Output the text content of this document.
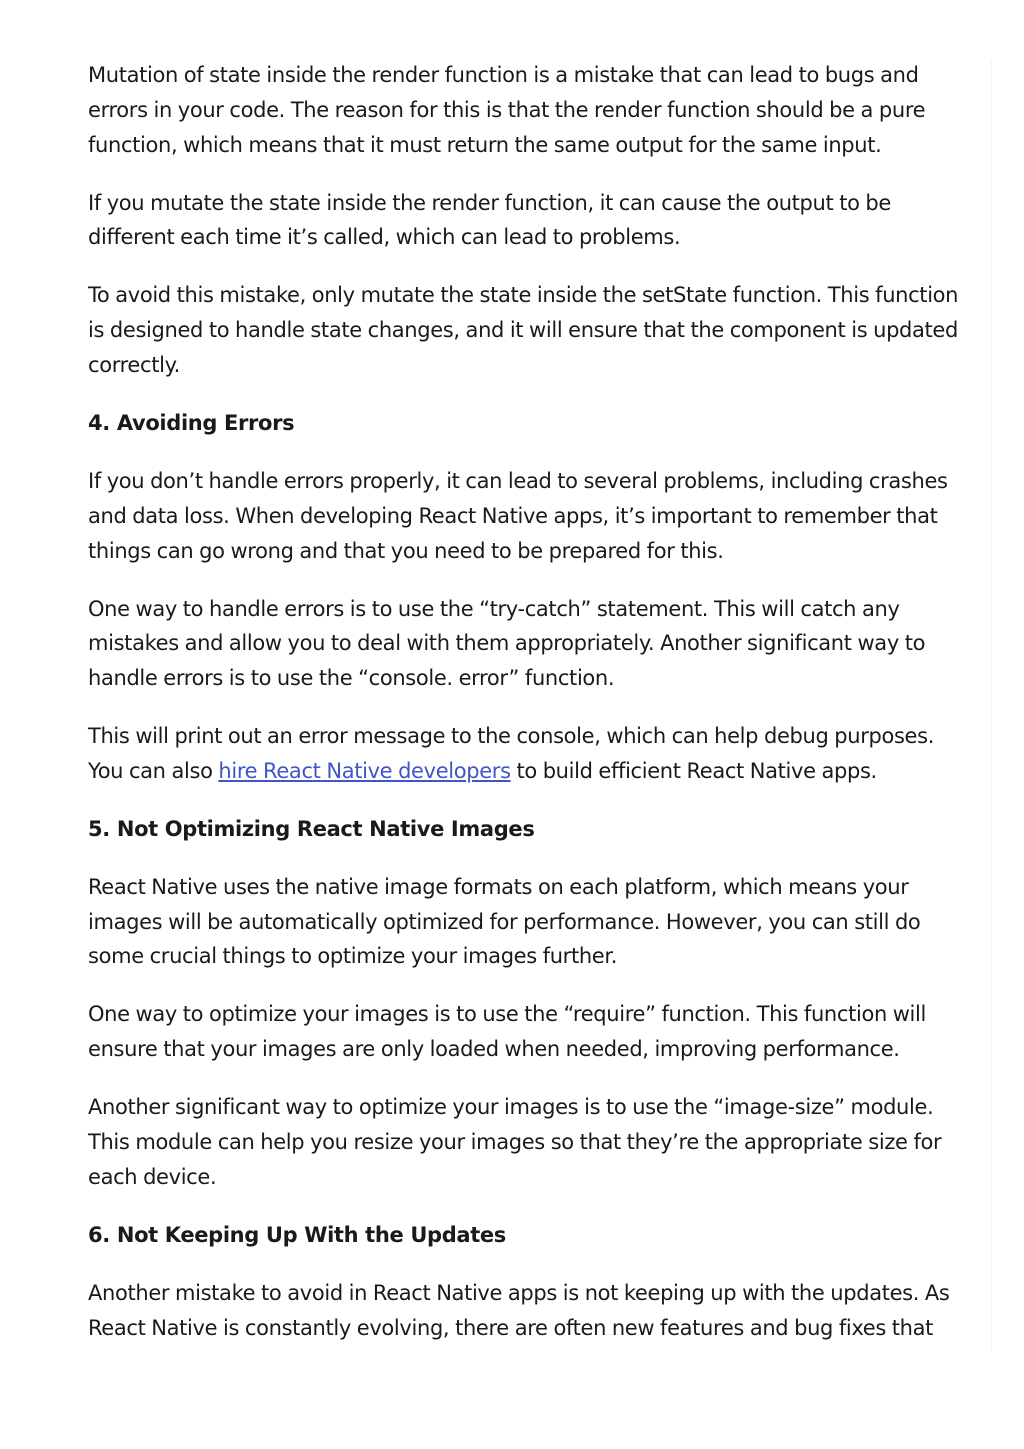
Mutation of state inside the render function is a mistake that can lead to bugs and errors in your code. The reason for this is that the render function should be a pure function, which means that it must return the same output for the same input.

If you mutate the state inside the render function, it can cause the output to be different each time it’s called, which can lead to problems.

To avoid this mistake, only mutate the state inside the setState function. This function is designed to handle state changes, and it will ensure that the component is updated correctly.

4. Avoiding Errors

If you don’t handle errors properly, it can lead to several problems, including crashes and data loss. When developing React Native apps, it’s important to remember that things can go wrong and that you need to be prepared for this.

One way to handle errors is to use the “try-catch” statement. This will catch any mistakes and allow you to deal with them appropriately. Another significant way to handle errors is to use the “console. error” function.

This will print out an error message to the console, which can help debug purposes. You can also hire React Native developers to build efficient React Native apps.

5. Not Optimizing React Native Images

React Native uses the native image formats on each platform, which means your images will be automatically optimized for performance. However, you can still do some crucial things to optimize your images further.

One way to optimize your images is to use the “require” function. This function will ensure that your images are only loaded when needed, improving performance.

Another significant way to optimize your images is to use the “image-size” module. This module can help you resize your images so that they’re the appropriate size for each device.

6. Not Keeping Up With the Updates

Another mistake to avoid in React Native apps is not keeping up with the updates. As React Native is constantly evolving, there are often new features and bug fixes that
